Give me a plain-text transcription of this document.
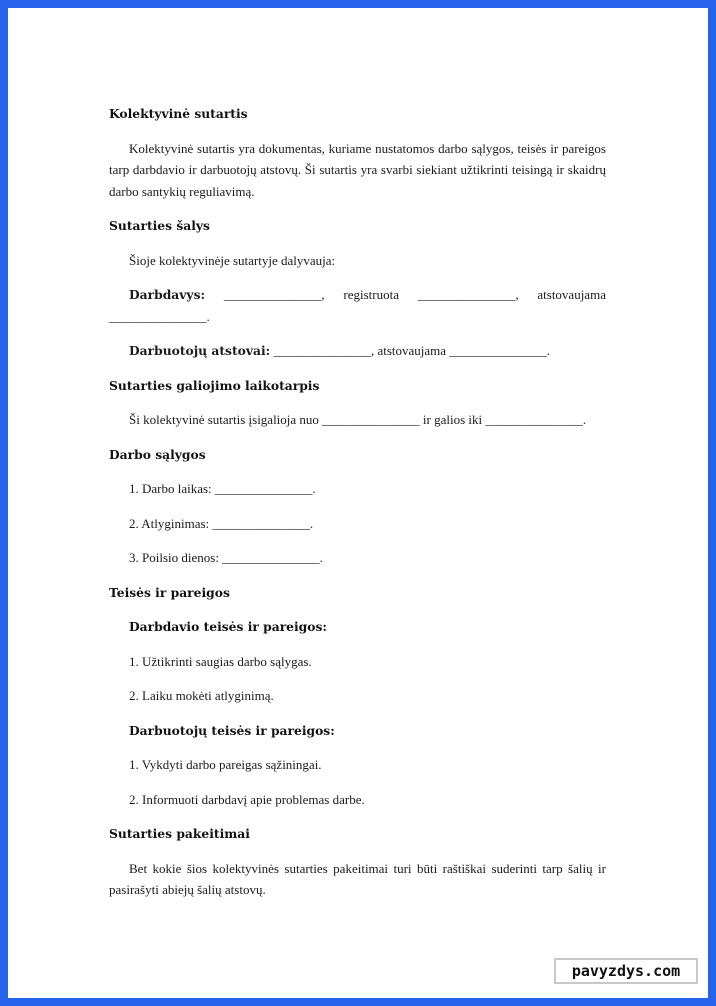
Kolektyvinė sutartis
Kolektyvinė sutartis yra dokumentas, kuriame nustatomos darbo sąlygos, teisės ir pareigos tarp darbdavio ir darbuotojų atstovų. Ši sutartis yra svarbi siekiant užtikrinti teisingą ir skaidrų darbo santykių reguliavimą.
Sutarties šalys
Šioje kolektyvinėje sutartyje dalyvauja:
Darbdavys: _______________, registruota _______________, atstovaujama
_______________.
Darbuotojų atstovai: _______________, atstovaujama _______________.
Sutarties galiojimo laikotarpis
Ši kolektyvinė sutartis įsigalioja nuo _______________ ir galios iki _______________.
Darbo sąlygos
1. Darbo laikas: _______________.
2. Atlyginimas: _______________.
3. Poilsio dienos: _______________.
Teisės ir pareigos
Darbdavio teisės ir pareigos:
1. Užtikrinti saugias darbo sąlygas.
2. Laiku mokėti atlyginimą.
Darbuotojų teisės ir pareigos:
1. Vykdyti darbo pareigas sąžiningai.
2. Informuoti darbdavį apie problemas darbe.
Sutarties pakeitimai
Bet kokie šios kolektyvinės sutarties pakeitimai turi būti raštiškai suderinti tarp šalių ir pasirašyti abiejų šalių atstovų.
pavyzdys.com
